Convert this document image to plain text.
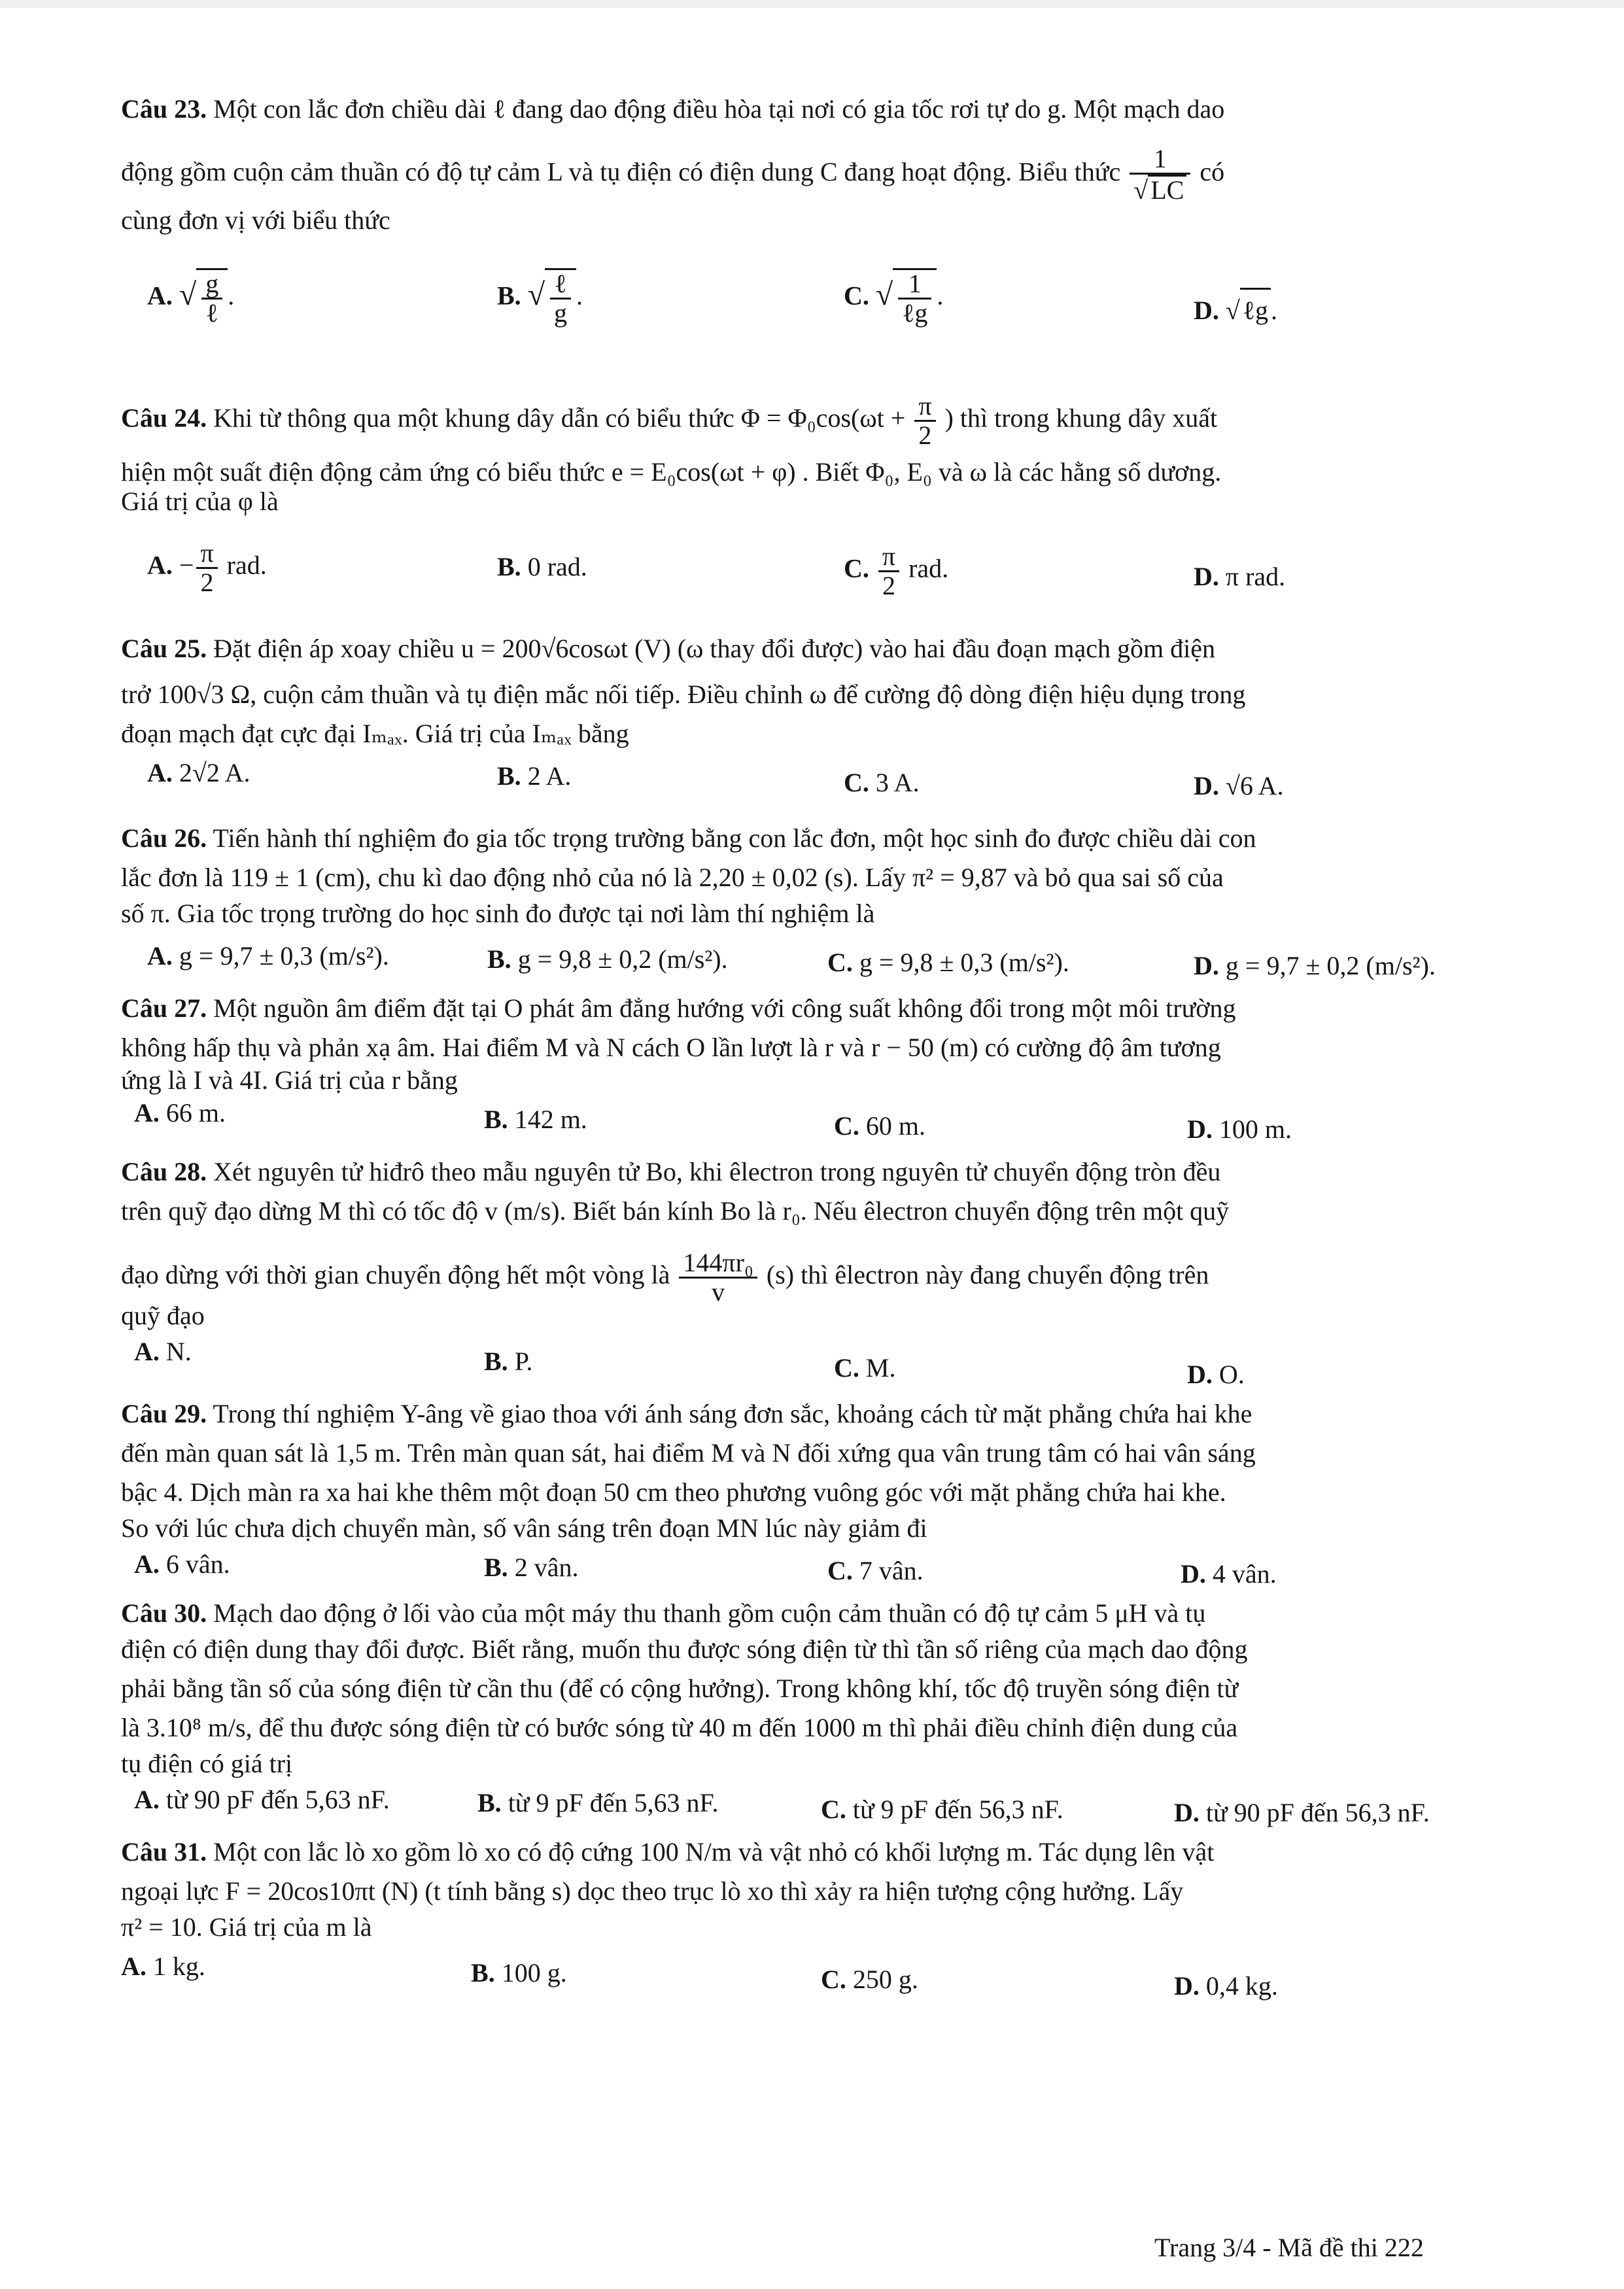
Câu 23. Một con lắc đơn chiều dài ℓ đang dao động điều hòa tại nơi có gia tốc rơi tự do g. Một mạch dao
động gồm cuộn cảm thuần có độ tự cảm L và tụ điện có điện dung C đang hoạt động. Biểu thức 1
√ LC có
cùng đơn vị với biểu thức
A. √ $\frac{g}{\text{ℓ}}$ .	B. √ $\frac{\text{ℓ}}{g}$ .	C. √ $\frac{1}{\text{ℓg}}$ .	D. √ ℓg .
Câu 24. Khi từ thông qua một khung dây dẫn có biểu thức $\Phi = \Phi_0\cos(\omega t + \frac{\pi}{2}$ ) thì trong khung dây xuất
hiện một suất điện động cảm ứng có biểu thức e = E₀cos(ωt + φ) . Biết Φ₀, E₀ và ω là các hằng số dương.
Giá trị của φ là
A. − $\frac{\pi}{2}$ rad.	B. 0 rad.	C. $\frac{\pi}{2}$ rad.	D. π rad.
Câu 25. Đặt điện áp xoay chiều u = 200√6cosωt (V) (ω thay đổi được) vào hai đầu đoạn mạch gồm điện
trở 100√3 Ω, cuộn cảm thuần và tụ điện mắc nối tiếp. Điều chỉnh ω để cường độ dòng điện hiệu dụng trong
đoạn mạch đạt cực đại Iₘₐₓ. Giá trị của Iₘₐₓ bằng
A. 2√2 A.	B. 2 A.	C. 3 A.	D. √6 A.
Câu 26. Tiến hành thí nghiệm đo gia tốc trọng trường bằng con lắc đơn, một học sinh đo được chiều dài con
lắc đơn là 119 ± 1 (cm), chu kì dao động nhỏ của nó là 2,20 ± 0,02 (s). Lấy π² = 9,87 và bỏ qua sai số của
số π. Gia tốc trọng trường do học sinh đo được tại nơi làm thí nghiệm là
A. g = 9,7 ± 0,3 (m/s²).	B. g = 9,8 ± 0,2 (m/s²).	C. g = 9,8 ± 0,3 (m/s²).	D. g = 9,7 ± 0,2 (m/s²).
Câu 27. Một nguồn âm điểm đặt tại O phát âm đẳng hướng với công suất không đổi trong một môi trường
không hấp thụ và phản xạ âm. Hai điểm M và N cách O lần lượt là r và r − 50 (m) có cường độ âm tương
ứng là I và 4I. Giá trị của r bằng
A. 66 m.	B. 142 m.	C. 60 m.	D. 100 m.
Câu 28. Xét nguyên tử hiđrô theo mẫu nguyên tử Bo, khi êlectron trong nguyên tử chuyển động tròn đều
trên quỹ đạo dừng M thì có tốc độ v (m/s). Biết bán kính Bo là r₀. Nếu êlectron chuyển động trên một quỹ
đạo dừng với thời gian chuyển động hết một vòng là $\frac{\text{144πr₀}}{v} (s)$ thì êlectron này đang chuyển động trên
quỹ đạo
A. N.	B. P.	C. M.	D. O.
Câu 29. Trong thí nghiệm Y-âng về giao thoa với ánh sáng đơn sắc, khoảng cách từ mặt phẳng chứa hai khe
đến màn quan sát là 1,5 m. Trên màn quan sát, hai điểm M và N đối xứng qua vân trung tâm có hai vân sáng
bậc 4. Dịch màn ra xa hai khe thêm một đoạn 50 cm theo phương vuông góc với mặt phẳng chứa hai khe.
So với lúc chưa dịch chuyển màn, số vân sáng trên đoạn MN lúc này giảm đi
A. 6 vân.	B. 2 vân.	C. 7 vân.	D. 4 vân.
Câu 30. Mạch dao động ở lối vào của một máy thu thanh gồm cuộn cảm thuần có độ tự cảm 5 μH và tụ
điện có điện dung thay đổi được. Biết rằng, muốn thu được sóng điện từ thì tần số riêng của mạch dao động
phải bằng tần số của sóng điện từ cần thu (để có cộng hưởng). Trong không khí, tốc độ truyền sóng điện từ
là 3.10⁸ m/s, để thu được sóng điện từ có bước sóng từ 40 m đến 1000 m thì phải điều chỉnh điện dung của
tụ điện có giá trị
A. từ 90 pF đến 5,63 nF.	B. từ 9 pF đến 5,63 nF.	C. từ 9 pF đến 56,3 nF.	D. từ 90 pF đến 56,3 nF.
Câu 31. Một con lắc lò xo gồm lò xo có độ cứng 100 N/m và vật nhỏ có khối lượng m. Tác dụng lên vật
ngoại lực F = 20cos10πt (N) (t tính bằng s) dọc theo trục lò xo thì xảy ra hiện tượng cộng hưởng. Lấy
π² = 10. Giá trị của m là
A. 1 kg.	B. 100 g.	C. 250 g.	D. 0,4 kg.
Trang 3/4 - Mã đề thi 222
